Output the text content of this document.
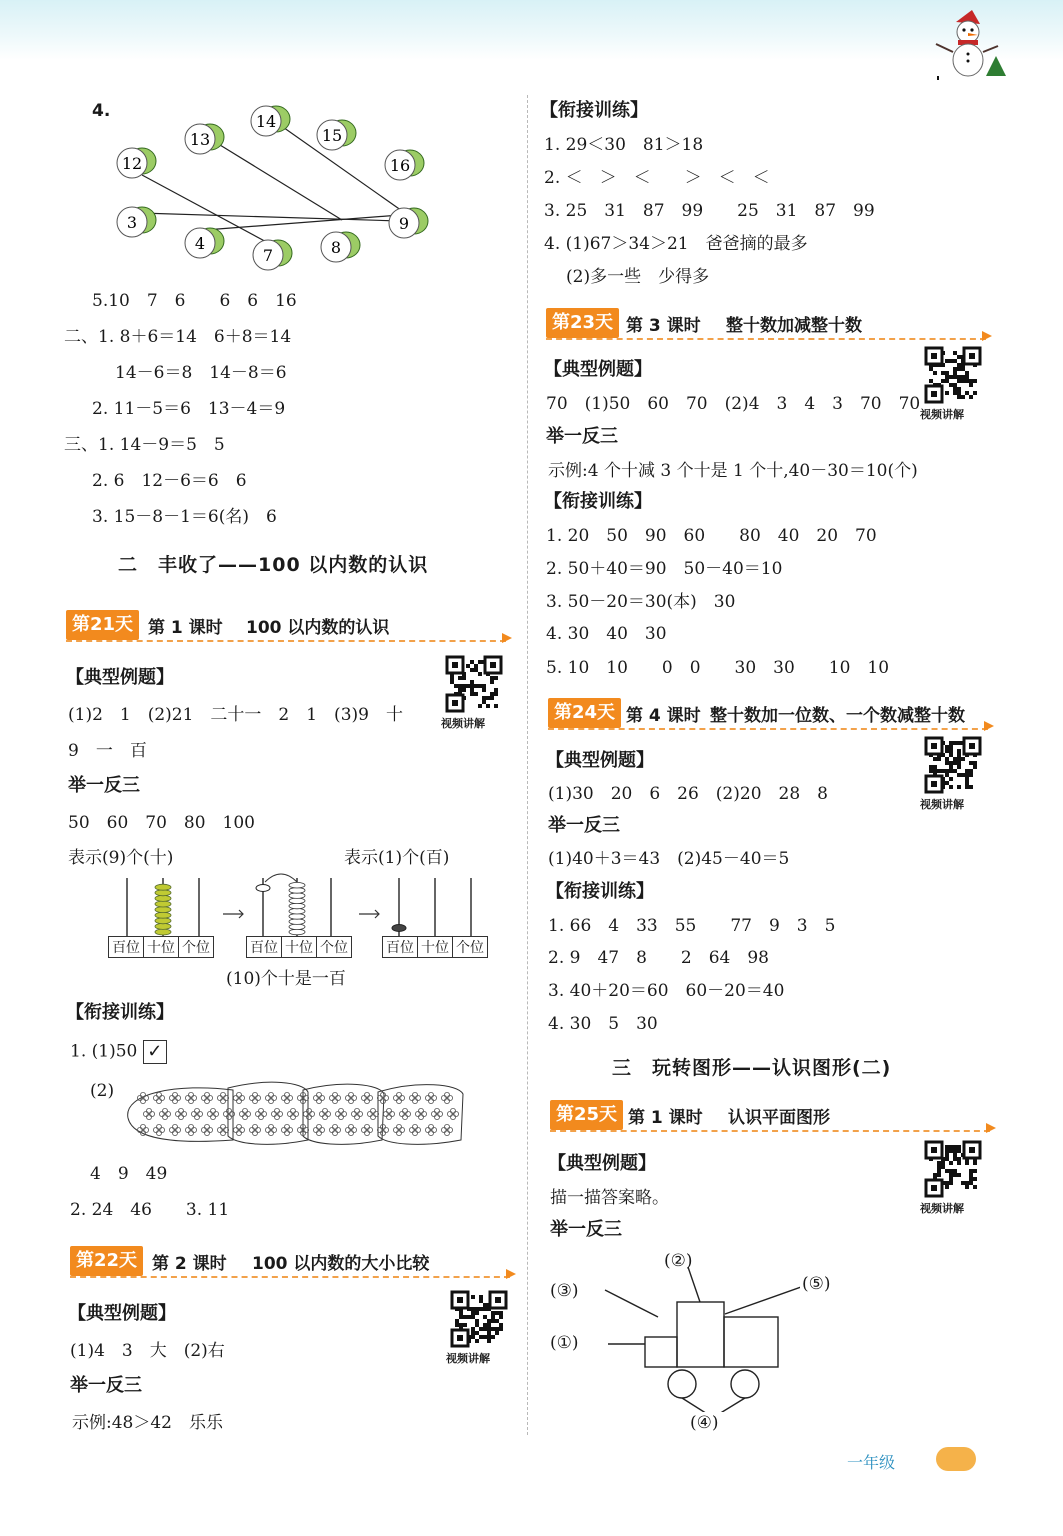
4.
12
13
14
15
16
3
4
7	8
9
5.10　7　6　　6　6　16
二、1. 8＋6＝14　6＋8＝14
14－6＝8　14－8＝6
2. 11－5＝6　13－4＝9
三、1. 14－9＝5　5
2. 6　12－6＝6　6
3. 15－8－1＝6(名)　6
二　丰收了——100 以内数的认识
第21天 第 1 课时 100 以内数的认识
【典型例题】
视频讲解
(1)2　1　(2)21　二十一　2　1　(3)9　十
9　一　百
举一反三
50　60　70　80　100
表示(9)个(十)	表示(1)个(百)
百位 十位 个位	百位 十位 个位	百位 十位 个位
(10)个十是一百
【衔接训练】
1. (1)50 ✓
(2)
4　9　49
2. 24　46　　3. 11
第22天 第 2 课时 100 以内数的大小比较
【典型例题】
视频讲解
(1)4　3　大　(2)右
举一反三
示例:48＞42　乐乐
【衔接训练】
1. 29＜30　81＞18
2. ＜　＞　＜　　＞　＜　＜
3. 25　31　87　99　　25　31　87　99
4. (1)67＞34＞21　爸爸摘的最多
(2)多一些　少得多
第23天 第 3 课时 整十数加减整十数
【典型例题】
视频讲解
70　(1)50　60　70　(2)4　3　4　3　70　70
举一反三
示例:4 个十减 3 个十是 1 个十,40－30＝10(个)
【衔接训练】
1. 20　50　90　60　　80　40　20　70
2. 50＋40＝90　50－40＝10
3. 50－20＝30(本)　30
4. 30　40　30
5. 10　10　　0　0　　30　30　　10　10
第24天 第 4 课时 整十数加一位数、一个数减整十数
【典型例题】
视频讲解
(1)30　20　6　26　(2)20　28　8
举一反三
(1)40＋3＝43　(2)45－40＝5
【衔接训练】
1. 66　4　33　55　　77　9　3　5
2. 9　47　8　　2　64　98
3. 40＋20＝60　60－20＝40
4. 30　5　30
三　玩转图形——认识图形(二)
第25天 第 1 课时 认识平面图形
【典型例题】
视频讲解
描一描答案略。
举一反三
(②)
(③)	(⑤)
(①)
(④)
一年级
